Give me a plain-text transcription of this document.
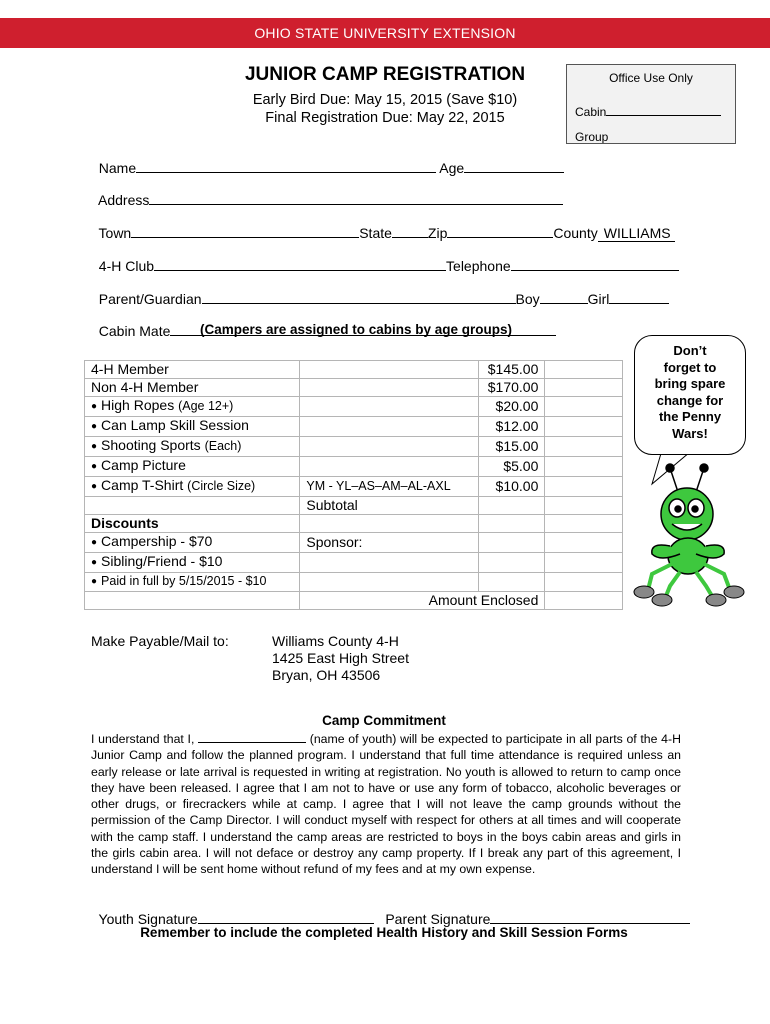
OHIO STATE UNIVERSITY EXTENSION
JUNIOR CAMP REGISTRATION
Early Bird Due: May 15, 2015 (Save $10)
Final Registration Due: May 22, 2015
Office Use Only
Cabin
Group

Name	Age

Address

Town	State	Zip	County WILLIAMS

4-H Club	Telephone

Parent/Guardian	Boy	Girl

Cabin Mate	(Campers are assigned to cabins by age groups)
4-H Member		$145.00	
Non 4-H Member		$170.00	
● High Ropes (Age 12+)		$20.00	
● Can Lamp Skill Session		$12.00	
● Shooting Sports (Each)		$15.00	
● Camp Picture		$5.00	
● Camp T-Shirt (Circle Size)	YM - YL–AS–AM–AL-AXL	$10.00	
	Subtotal		
Discounts			
● Campership - $70	Sponsor:		
● Sibling/Friend - $10			
● Paid in full by 5/15/2015 - $10			
	Amount Enclosed		
Don’t
forget to
bring spare
change for
the Penny
Wars!
Make Payable/Mail to:	Williams County 4-H
1425 East High Street
Bryan, OH 43506
Camp Commitment
I understand that I,	(name of youth) will be expected to participate in all parts of the 4-H Junior Camp and follow the planned program. I understand that full time attendance is required unless an early release or late arrival is requested in writing at registration. No youth is allowed to return to camp once they have been released. I agree that I am not to have or use any form of tobacco, alcoholic beverages or other drugs, or firecrackers while at camp. I agree that I will not leave the camp grounds without the permission of the Camp Director. I will conduct myself with respect for others at all times and will cooperate with the camp staff. I understand the camp areas are restricted to boys in the boys cabin areas and girls in the girls cabin area. I will not deface or destroy any camp property. If I break any part of this agreement, I understand I will be sent home without refund of my fees and at my own expense.

Youth Signature	Parent Signature

Remember to include the completed Health History and Skill Session Forms
